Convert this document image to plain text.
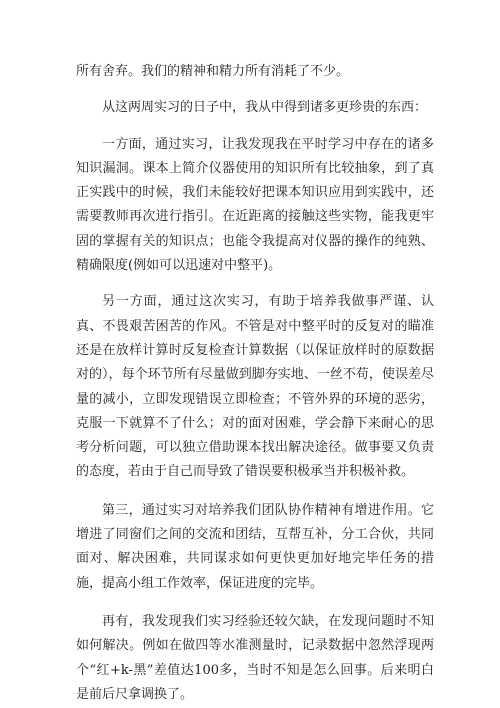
所有舍弃。我们的精神和精力所有消耗了不少。

从这两周实习的日子中，我从中得到诸多更珍贵的东西：

一方面，通过实习，让我发现我在平时学习中存在的诸多知识漏洞。课本上简介仪器使用的知识所有比较抽象，到了真正实践中的时候，我们未能较好把课本知识应用到实践中，还需要教师再次进行指引。在近距离的接触这些实物，能我更牢固的掌握有关的知识点；也能令我提高对仪器的操作的纯熟、精确限度(例如可以迅速对中整平)。

另一方面，通过这次实习，有助于培养我做事严谨、认真、不畏艰苦困苦的作风。不管是对中整平时的反复对的瞄准还是在放样计算时反复检查计算数据（以保证放样时的原数据对的），每个环节所有尽量做到脚夯实地、一丝不苟，使误差尽量的减小，立即发现错误立即检查；不管外界的环境的恶劣，克服一下就算不了什么；对的面对困难，学会静下来耐心的思考分析问题，可以独立借助课本找出解决途径。做事要又负责的态度，若由于自己而导致了错误要积极承当并积极补救。

第三，通过实习对培养我们团队协作精神有增进作用。它增进了同窗们之间的交流和团结，互帮互补，分工合伙，共同面对、解决困难，共同谋求如何更快更加好地完毕任务的措施，提高小组工作效率，保证进度的完毕。

再有，我发现我们实习经验还较欠缺，在发现问题时不知如何解决。例如在做四等水准测量时，记录数据中忽然浮现两个“红+k-黑”差值达100多，当时不知是怎么回事。后来明白是前后尺拿调换了。
